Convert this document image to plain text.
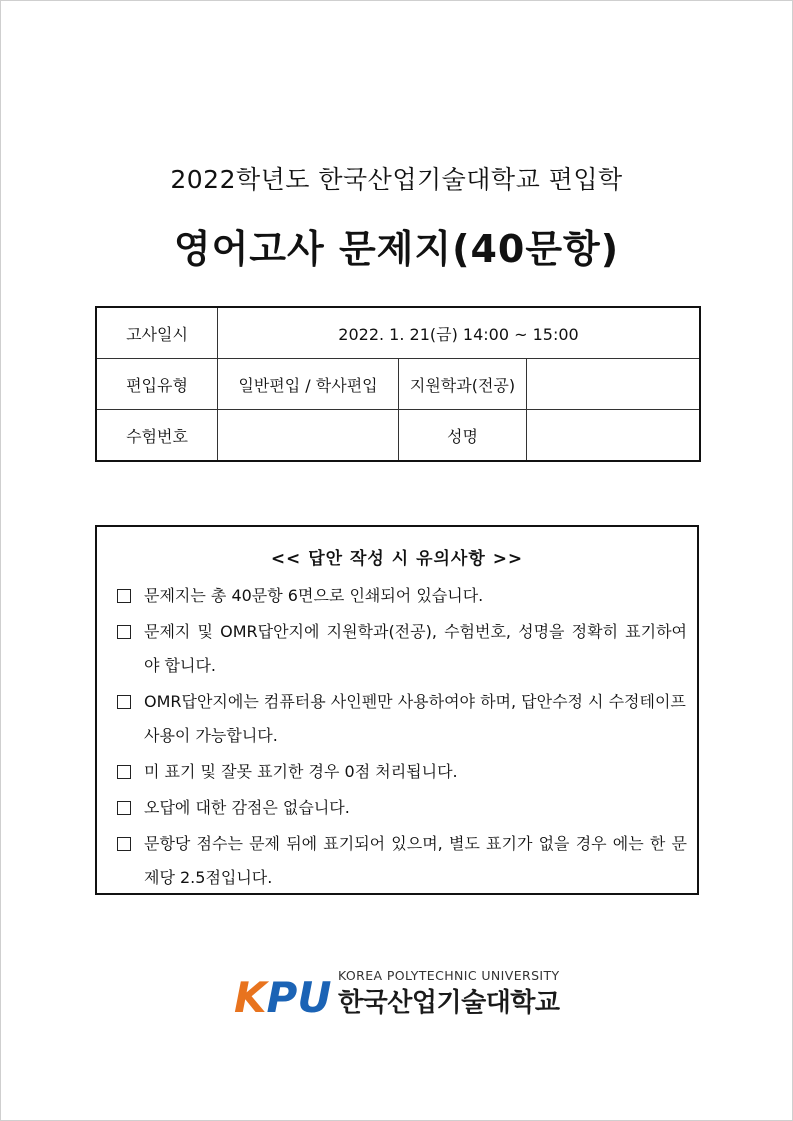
2022학년도 한국산업기술대학교 편입학
영어고사 문제지(40문항)
고사일시	2022. 1. 21(금) 14:00 ~ 15:00		
편입유형	일반편입 / 학사편입	지원학과(전공)	
수험번호		성명	
<< 답안 작성 시 유의사항 >>
문제지는 총 40문항 6면으로 인쇄되어 있습니다.
문제지 및 OMR답안지에 지원학과(전공), 수험번호, 성명을 정확히 표기하여야 합니다.
OMR답안지에는 컴퓨터용 사인펜만 사용하여야 하며, 답안수정 시 수정테이프 사용이 가능합니다.
미 표기 및 잘못 표기한 경우 0점 처리됩니다.
오답에 대한 감점은 없습니다.
문항당 점수는 문제 뒤에 표기되어 있으며, 별도 표기가 없을 경우 에는 한 문제당 2.5점입니다.
KPU KOREA POLYTECHNIC UNIVERSITY
한국산업기술대학교
